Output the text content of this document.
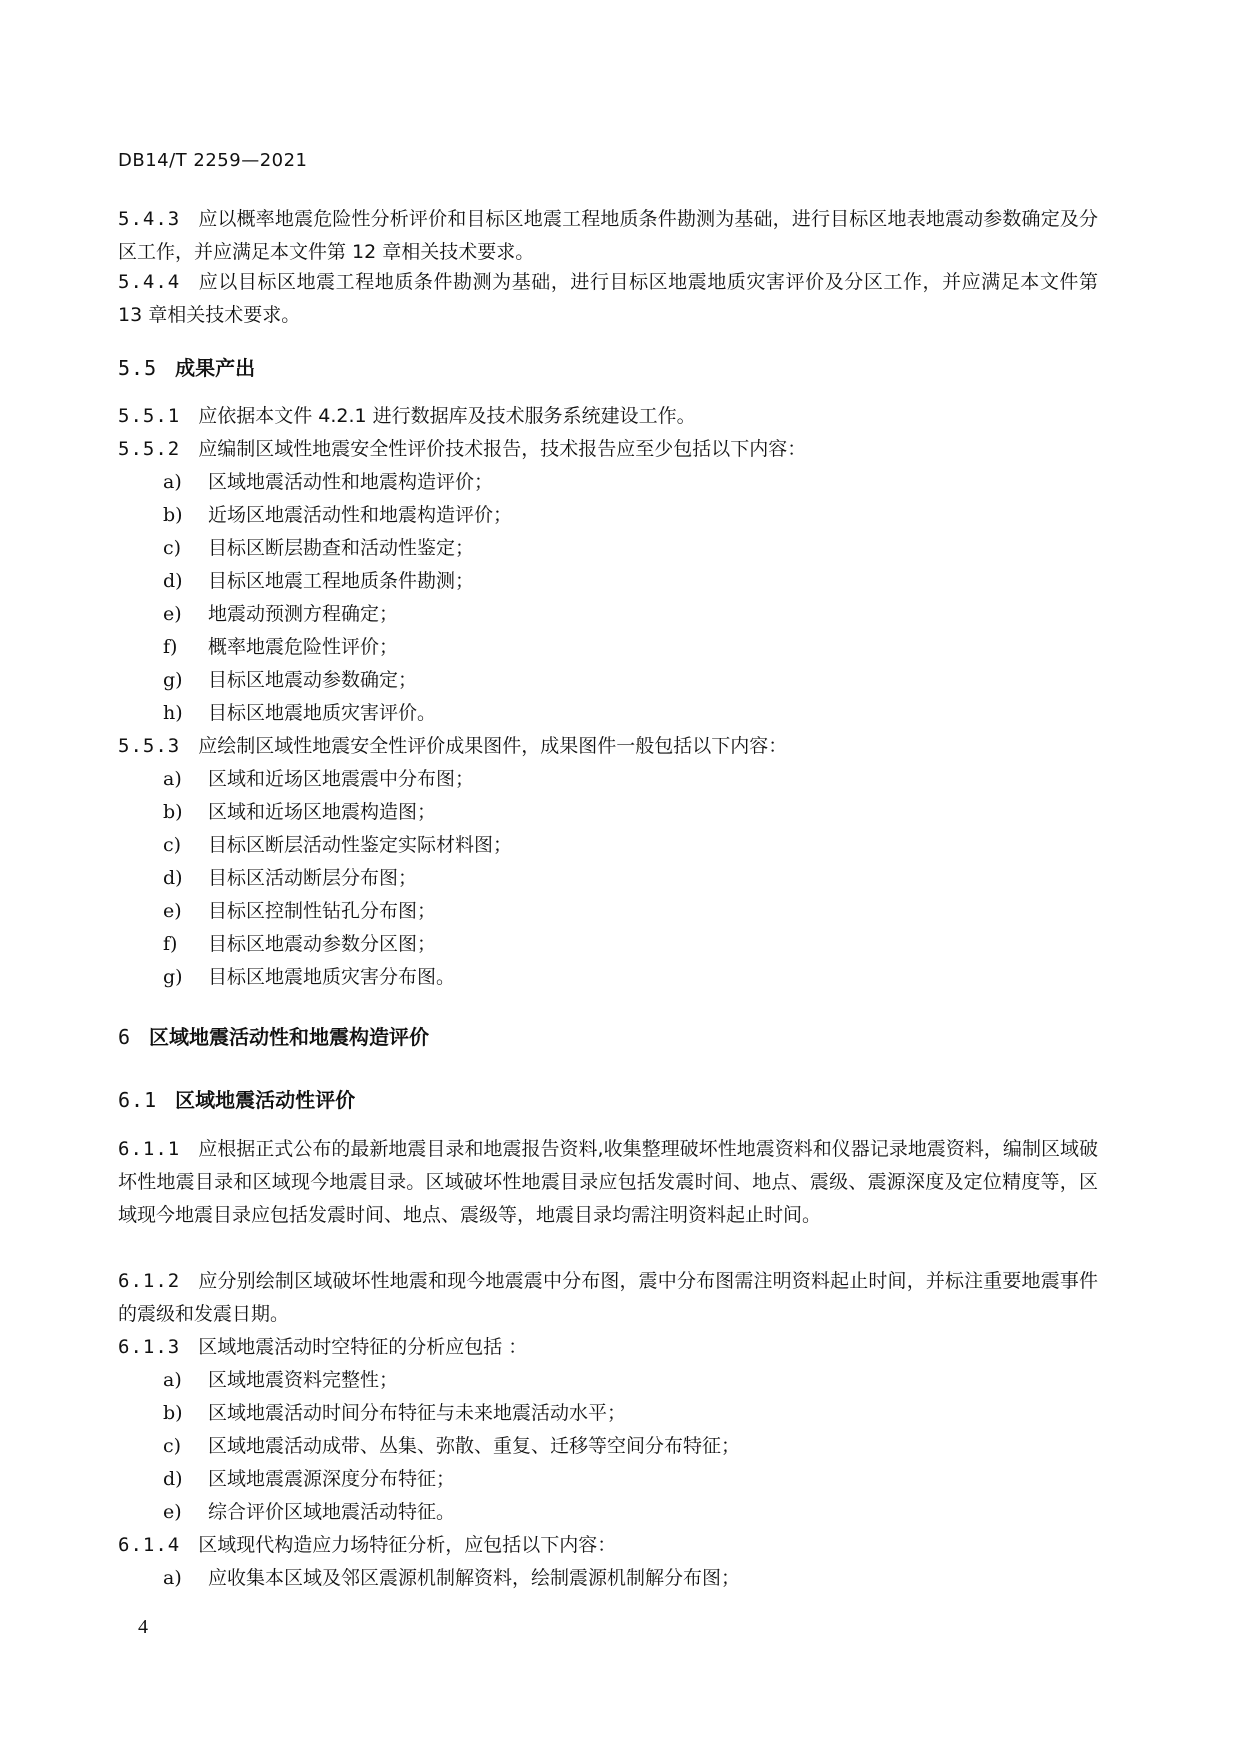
DB14/T 2259—2021
5.4.3 应以概率地震危险性分析评价和目标区地震工程地质条件勘测为基础，进行目标区地表地震动参数确定及分区工作，并应满足本文件第 12 章相关技术要求。
5.4.4 应以目标区地震工程地质条件勘测为基础，进行目标区地震地质灾害评价及分区工作，并应满足本文件第 13 章相关技术要求。
5.5 成果产出
5.5.1 应依据本文件 4.2.1 进行数据库及技术服务系统建设工作。
5.5.2 应编制区域性地震安全性评价技术报告，技术报告应至少包括以下内容：
a) 区域地震活动性和地震构造评价；
b) 近场区地震活动性和地震构造评价；
c) 目标区断层勘查和活动性鉴定；
d) 目标区地震工程地质条件勘测；
e) 地震动预测方程确定；
f) 概率地震危险性评价；
g) 目标区地震动参数确定；
h) 目标区地震地质灾害评价。
5.5.3 应绘制区域性地震安全性评价成果图件，成果图件一般包括以下内容：
a) 区域和近场区地震震中分布图；
b) 区域和近场区地震构造图；
c) 目标区断层活动性鉴定实际材料图；
d) 目标区活动断层分布图；
e) 目标区控制性钻孔分布图；
f) 目标区地震动参数分区图；
g) 目标区地震地质灾害分布图。
6 区域地震活动性和地震构造评价
6.1 区域地震活动性评价
6.1.1 应根据正式公布的最新地震目录和地震报告资料,收集整理破坏性地震资料和仪器记录地震资料，编制区域破坏性地震目录和区域现今地震目录。区域破坏性地震目录应包括发震时间、地点、震级、震源深度及定位精度等，区域现今地震目录应包括发震时间、地点、震级等，地震目录均需注明资料起止时间。
6.1.2 应分别绘制区域破坏性地震和现今地震震中分布图，震中分布图需注明资料起止时间，并标注重要地震事件的震级和发震日期。
6.1.3 区域地震活动时空特征的分析应包括 ：
a) 区域地震资料完整性；
b) 区域地震活动时间分布特征与未来地震活动水平；
c) 区域地震活动成带、丛集、弥散、重复、迁移等空间分布特征；
d) 区域地震震源深度分布特征；
e) 综合评价区域地震活动特征。
6.1.4 区域现代构造应力场特征分析，应包括以下内容：
a) 应收集本区域及邻区震源机制解资料，绘制震源机制解分布图；
4
